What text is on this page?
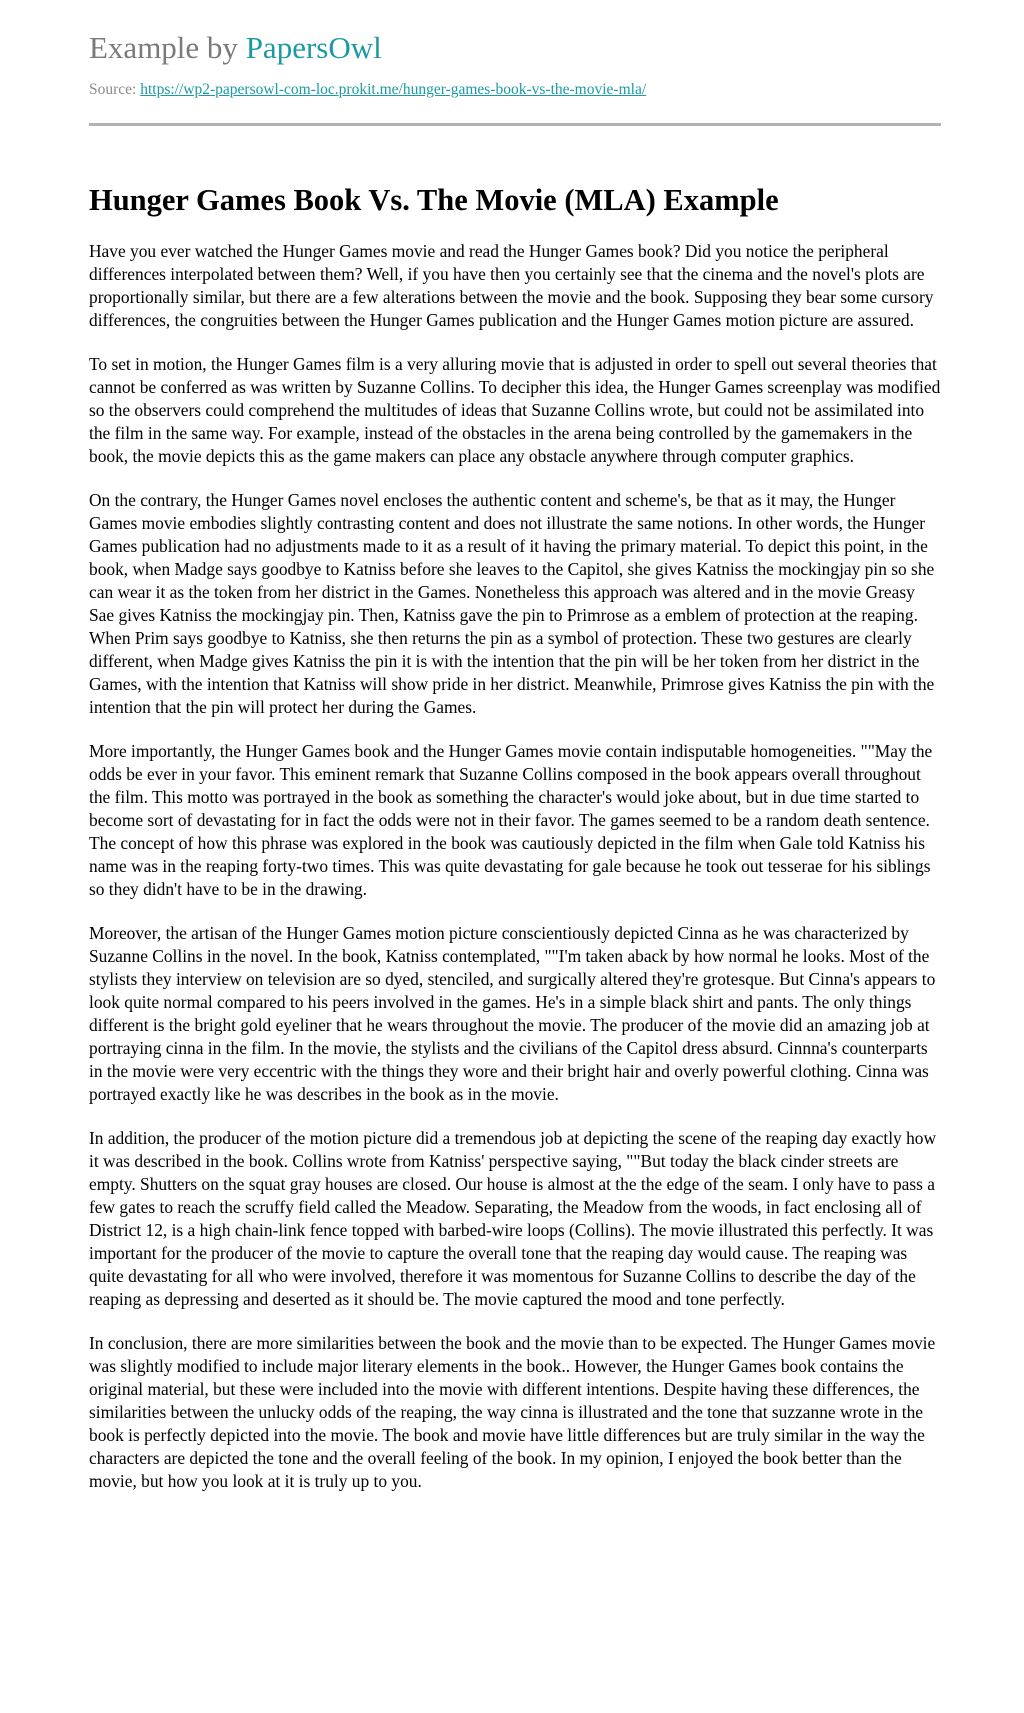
Example by PapersOwl
Source: https://wp2-papersowl-com-loc.prokit.me/hunger-games-book-vs-the-movie-mla/
Hunger Games Book Vs. The Movie (MLA) Example

Have you ever watched the Hunger Games movie and read the Hunger Games book? Did you notice the peripheral differences interpolated between them? Well, if you have then you certainly see that the cinema and the novel's plots are proportionally similar, but there are a few alterations between the movie and the book. Supposing they bear some cursory differences, the congruities between the Hunger Games publication and the Hunger Games motion picture are assured.

To set in motion, the Hunger Games film is a very alluring movie that is adjusted in order to spell out several theories that cannot be conferred as was written by Suzanne Collins. To decipher this idea, the Hunger Games screenplay was modified so the observers could comprehend the multitudes of ideas that Suzanne Collins wrote, but could not be assimilated into the film in the same way. For example, instead of the obstacles in the arena being controlled by the gamemakers in the book, the movie depicts this as the game makers can place any obstacle anywhere through computer graphics.

On the contrary, the Hunger Games novel encloses the authentic content and scheme's, be that as it may, the Hunger Games movie embodies slightly contrasting content and does not illustrate the same notions. In other words, the Hunger Games publication had no adjustments made to it as a result of it having the primary material. To depict this point, in the book, when Madge says goodbye to Katniss before she leaves to the Capitol, she gives Katniss the mockingjay pin so she can wear it as the token from her district in the Games. Nonetheless this approach was altered and in the movie Greasy Sae gives Katniss the mockingjay pin. Then, Katniss gave the pin to Primrose as a emblem of protection at the reaping. When Prim says goodbye to Katniss, she then returns the pin as a symbol of protection. These two gestures are clearly different, when Madge gives Katniss the pin it is with the intention that the pin will be her token from her district in the Games, with the intention that Katniss will show pride in her district. Meanwhile, Primrose gives Katniss the pin with the intention that the pin will protect her during the Games.

More importantly, the Hunger Games book and the Hunger Games movie contain indisputable homogeneities. ""May the odds be ever in your favor. This eminent remark that Suzanne Collins composed in the book appears overall throughout the film. This motto was portrayed in the book as something the character's would joke about, but in due time started to become sort of devastating for in fact the odds were not in their favor. The games seemed to be a random death sentence. The concept of how this phrase was explored in the book was cautiously depicted in the film when Gale told Katniss his name was in the reaping forty-two times. This was quite devastating for gale because he took out tesserae for his siblings so they didn't have to be in the drawing.

Moreover, the artisan of the Hunger Games motion picture conscientiously depicted Cinna as he was characterized by Suzanne Collins in the novel. In the book, Katniss contemplated, ""I'm taken aback by how normal he looks. Most of the stylists they interview on television are so dyed, stenciled, and surgically altered they're grotesque. But Cinna's appears to look quite normal compared to his peers involved in the games. He's in a simple black shirt and pants. The only things different is the bright gold eyeliner that he wears throughout the movie. The producer of the movie did an amazing job at portraying cinna in the film. In the movie, the stylists and the civilians of the Capitol dress absurd. Cinnna's counterparts in the movie were very eccentric with the things they wore and their bright hair and overly powerful clothing. Cinna was portrayed exactly like he was describes in the book as in the movie.

In addition, the producer of the motion picture did a tremendous job at depicting the scene of the reaping day exactly how it was described in the book. Collins wrote from Katniss' perspective saying, ""But today the black cinder streets are empty. Shutters on the squat gray houses are closed. Our house is almost at the the edge of the seam. I only have to pass a few gates to reach the scruffy field called the Meadow. Separating, the Meadow from the woods, in fact enclosing all of District 12, is a high chain-link fence topped with barbed-wire loops (Collins). The movie illustrated this perfectly. It was important for the producer of the movie to capture the overall tone that the reaping day would cause. The reaping was quite devastating for all who were involved, therefore it was momentous for Suzanne Collins to describe the day of the reaping as depressing and deserted as it should be. The movie captured the mood and tone perfectly.

In conclusion, there are more similarities between the book and the movie than to be expected. The Hunger Games movie was slightly modified to include major literary elements in the book.. However, the Hunger Games book contains the original material, but these were included into the movie with different intentions. Despite having these differences, the similarities between the unlucky odds of the reaping, the way cinna is illustrated and the tone that suzzanne wrote in the book is perfectly depicted into the movie. The book and movie have little differences but are truly similar in the way the characters are depicted the tone and the overall feeling of the book. In my opinion, I enjoyed the book better than the movie, but how you look at it is truly up to you.
